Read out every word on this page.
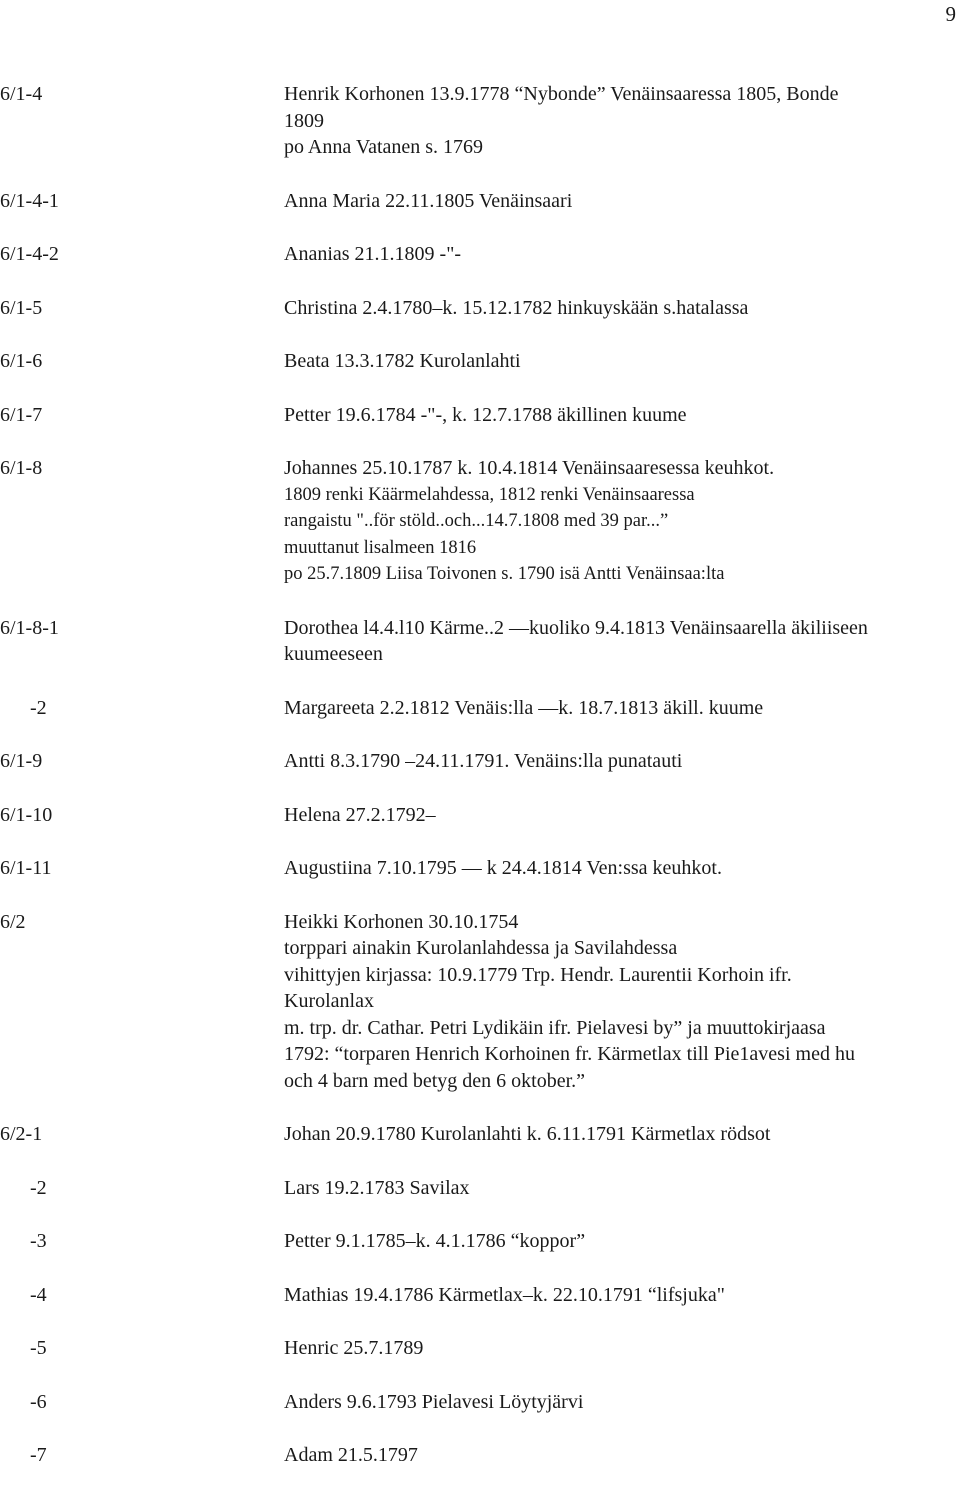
9
6/1-4	Henrik Korhonen 13.9.1778 “Nybonde” Venäinsaaressa 1805, Bonde
1809
po Anna Vatanen s. 1769
6/1-4-1	Anna Maria 22.11.1805 Venäinsaari
6/1-4-2	Ananias 21.1.1809 -"-
6/1-5	Christina 2.4.1780–k. 15.12.1782 hinkuyskään s.hatalassa
6/1-6	Beata 13.3.1782 Kurolanlahti
6/1-7	Petter 19.6.1784 -"-, k. 12.7.1788 äkillinen kuume
6/1-8	Johannes 25.10.1787 k. 10.4.1814 Venäinsaaresessa keuhkot.
1809 renki Käärmelahdessa, 1812 renki Venäinsaaressa
rangaistu "..för stöld..och...14.7.1808 med 39 par...”
muuttanut lisalmeen 1816
po 25.7.1809 Liisa Toivonen s. 1790 isä Antti Venäinsaa:lta
6/1-8-1	Dorothea l4.4.l10 Kärme..2 —kuoliko 9.4.1813 Venäinsaarella äkiliiseen
kuumeeseen
-2	Margareeta 2.2.1812 Venäis:lla —k. 18.7.1813 äkill. kuume
6/1-9	Antti 8.3.1790 –24.11.1791. Venäins:lla punatauti
6/1-10	Helena 27.2.1792–
6/1-11	Augustiina 7.10.1795 — k 24.4.1814 Ven:ssa keuhkot.
6/2	Heikki Korhonen 30.10.1754
torppari ainakin Kurolanlahdessa ja Savilahdessa
vihittyjen kirjassa: 10.9.1779 Trp. Hendr. Laurentii Korhoin ifr.
Kurolanlax
m. trp. dr. Cathar. Petri Lydikäin ifr. Pielavesi by” ja muuttokirjaasa
1792: “torparen Henrich Korhoinen fr. Kärmetlax till Pie1avesi med hu
och 4 barn med betyg den 6 oktober.”
6/2-1	Johan 20.9.1780 Kurolanlahti k. 6.11.1791 Kärmetlax rödsot
-2	Lars 19.2.1783 Savilax
-3	Petter 9.1.1785–k. 4.1.1786 “koppor”
-4	Mathias 19.4.1786 Kärmetlax–k. 22.10.1791 “lifsjuka"
-5	Henric 25.7.1789
-6	Anders 9.6.1793 Pielavesi Löytyjärvi
-7	Adam 21.5.1797
